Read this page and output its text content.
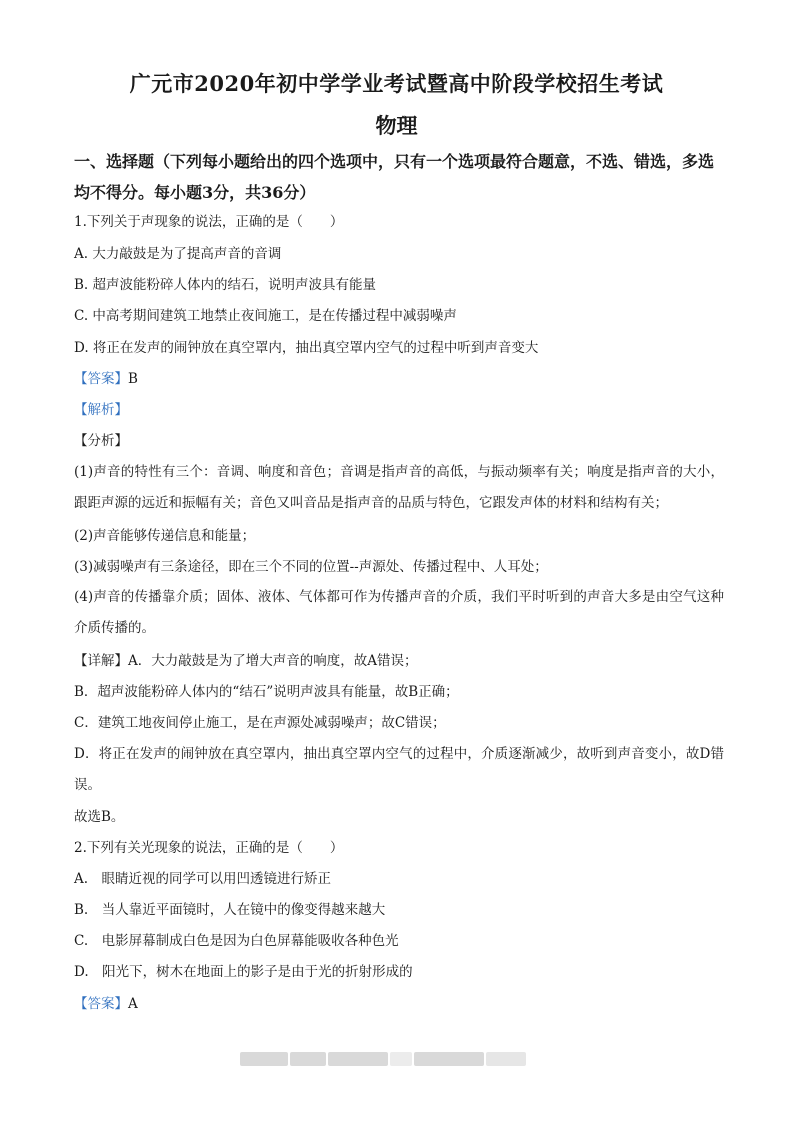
广元市2020年初中学学业考试暨高中阶段学校招生考试
物理
一、选择题（下列每小题给出的四个选项中，只有一个选项最符合题意，不选、错选，多选均不得分。每小题3分，共36分）
1.下列关于声现象的说法，正确的是（　　）
A. 大力敲鼓是为了提高声音的音调
B. 超声波能粉碎人体内的结石，说明声波具有能量
C. 中高考期间建筑工地禁止夜间施工，是在传播过程中减弱噪声
D. 将正在发声的闹钟放在真空罩内，抽出真空罩内空气的过程中听到声音变大
【答案】B
【解析】
【分析】
(1)声音的特性有三个：音调、响度和音色；音调是指声音的高低，与振动频率有关；响度是指声音的大小，跟距声源的远近和振幅有关；音色又叫音品是指声音的品质与特色，它跟发声体的材料和结构有关；
(2)声音能够传递信息和能量；
(3)减弱噪声有三条途径，即在三个不同的位置--声源处、传播过程中、人耳处；
(4)声音的传播靠介质；固体、液体、气体都可作为传播声音的介质，我们平时听到的声音大多是由空气这种介质传播的。
【详解】A．大力敲鼓是为了增大声音的响度，故A错误；
B．超声波能粉碎人体内的“结石”说明声波具有能量，故B正确；
C．建筑工地夜间停止施工，是在声源处减弱噪声；故C错误；
D．将正在发声的闹钟放在真空罩内，抽出真空罩内空气的过程中，介质逐渐减少，故听到声音变小，故D错误。
故选B。
2.下列有关光现象的说法，正确的是（　　）
A.　眼睛近视的同学可以用凹透镜进行矫正
B.　当人靠近平面镜时，人在镜中的像变得越来越大
C.　电影屏幕制成白色是因为白色屏幕能吸收各种色光
D.　阳光下，树木在地面上的影子是由于光的折射形成的
【答案】A
